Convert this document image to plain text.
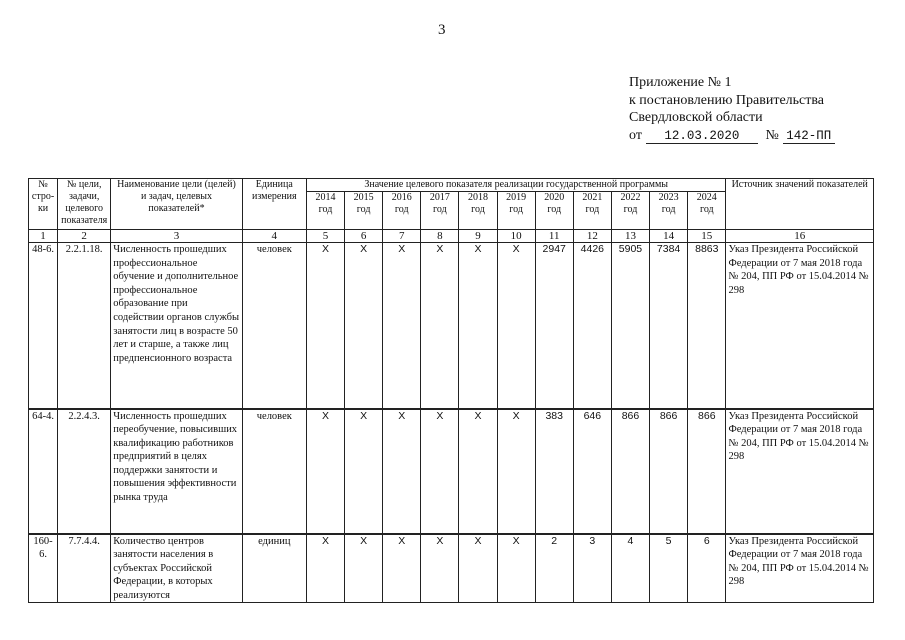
3
Приложение № 1
к постановлению Правительства
Свердловской области
от 12.03.2020 № 142-ПП
№ стро-ки	№ цели, задачи, целевого показателя	Наименование цели (целей) и задач, целевых показателей*	Единица измерения	Значение целевого показателя реализации государственной программы											Источник значений показателей
				2014 год	2015 год	2016 год	2017 год	2018 год	2019 год	2020 год	2021 год	2022 год	2023 год	2024 год	
1	2	3	4	5	6	7	8	9	10	11	12	13	14	15	16
48-6.	2.2.1.18.	Численность прошедших профессиональное обучение и дополнительное профессиональное образование при содействии органов службы занятости лиц в возрасте 50 лет и старше, а также лиц предпенсионного возраста	человек	X	X	X	X	X	X	2947	4426	5905	7384	8863	Указ Президента Российской Федерации от 7 мая 2018 года № 204, ПП РФ от 15.04.2014 № 298
64-4.	2.2.4.3.	Численность прошедших переобучение, повысивших квалификацию работников предприятий в целях поддержки занятости и повышения эффективности рынка труда	человек	X	X	X	X	X	X	383	646	866	866	866	Указ Президента Российской Федерации от 7 мая 2018 года № 204, ПП РФ от 15.04.2014 № 298
160-6.	7.7.4.4.	Количество центров занятости населения в субъектах Российской Федерации, в которых реализуются	единиц	X	X	X	X	X	X	2	3	4	5	6	Указ Президента Российской Федерации от 7 мая 2018 года № 204, ПП РФ от 15.04.2014 № 298
